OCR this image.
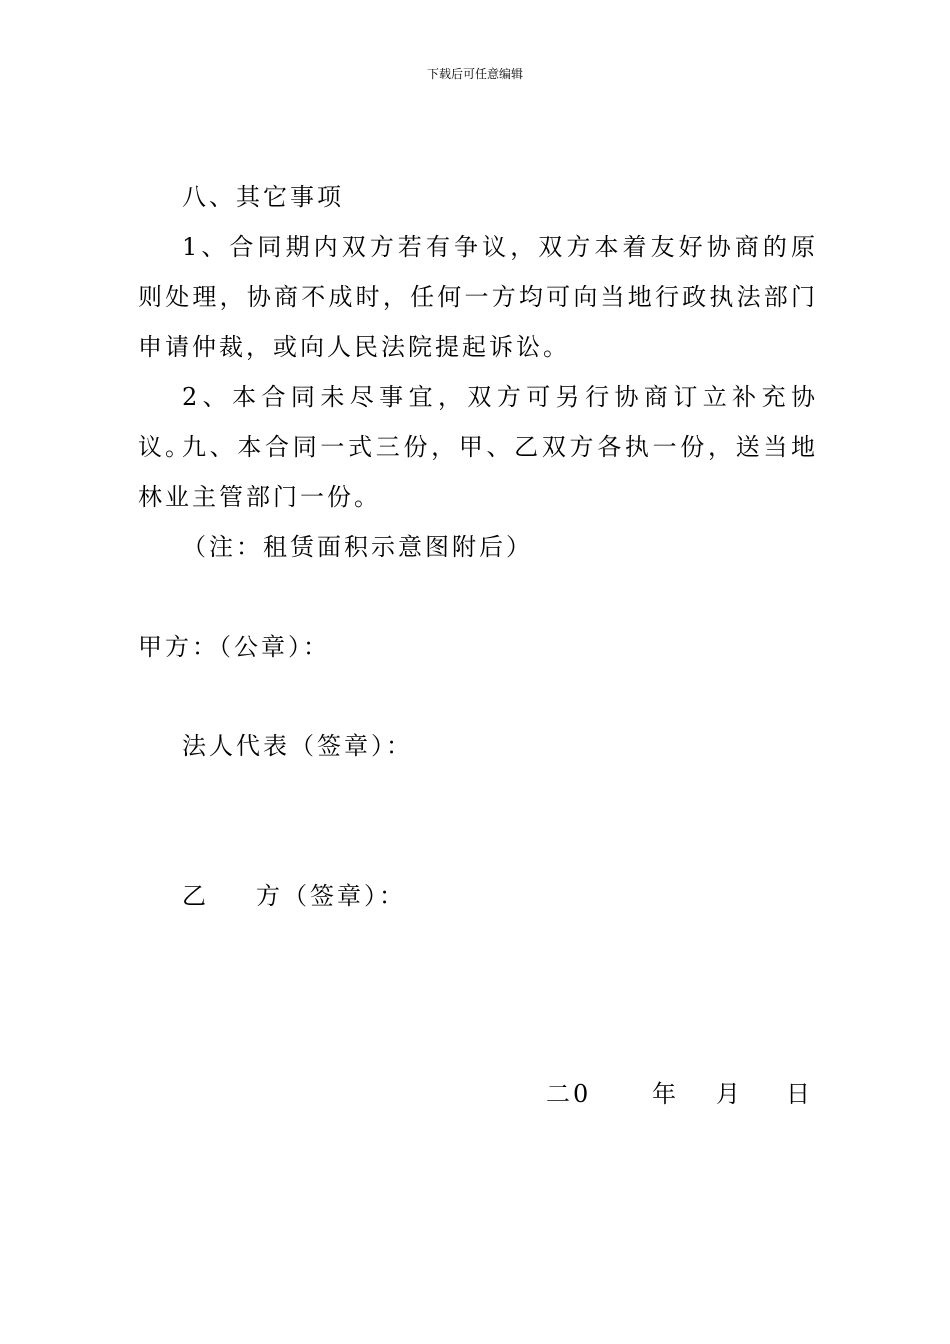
下载后可任意编辑

八、其它事项

1、合同期内双方若有争议，双方本着友好协商的原则处理，协商不成时，任何一方均可向当地行政执法部门申请仲裁，或向人民法院提起诉讼。

2、本合同未尽事宜，双方可另行协商订立补充协议。

九、本合同一式三份，甲、乙双方各执一份，送当地林业主管部门一份。

（注：租赁面积示意图附后）

甲方：（公章）：

法人代表（签章）：

乙 方（签章）：

二0	年 月 日
